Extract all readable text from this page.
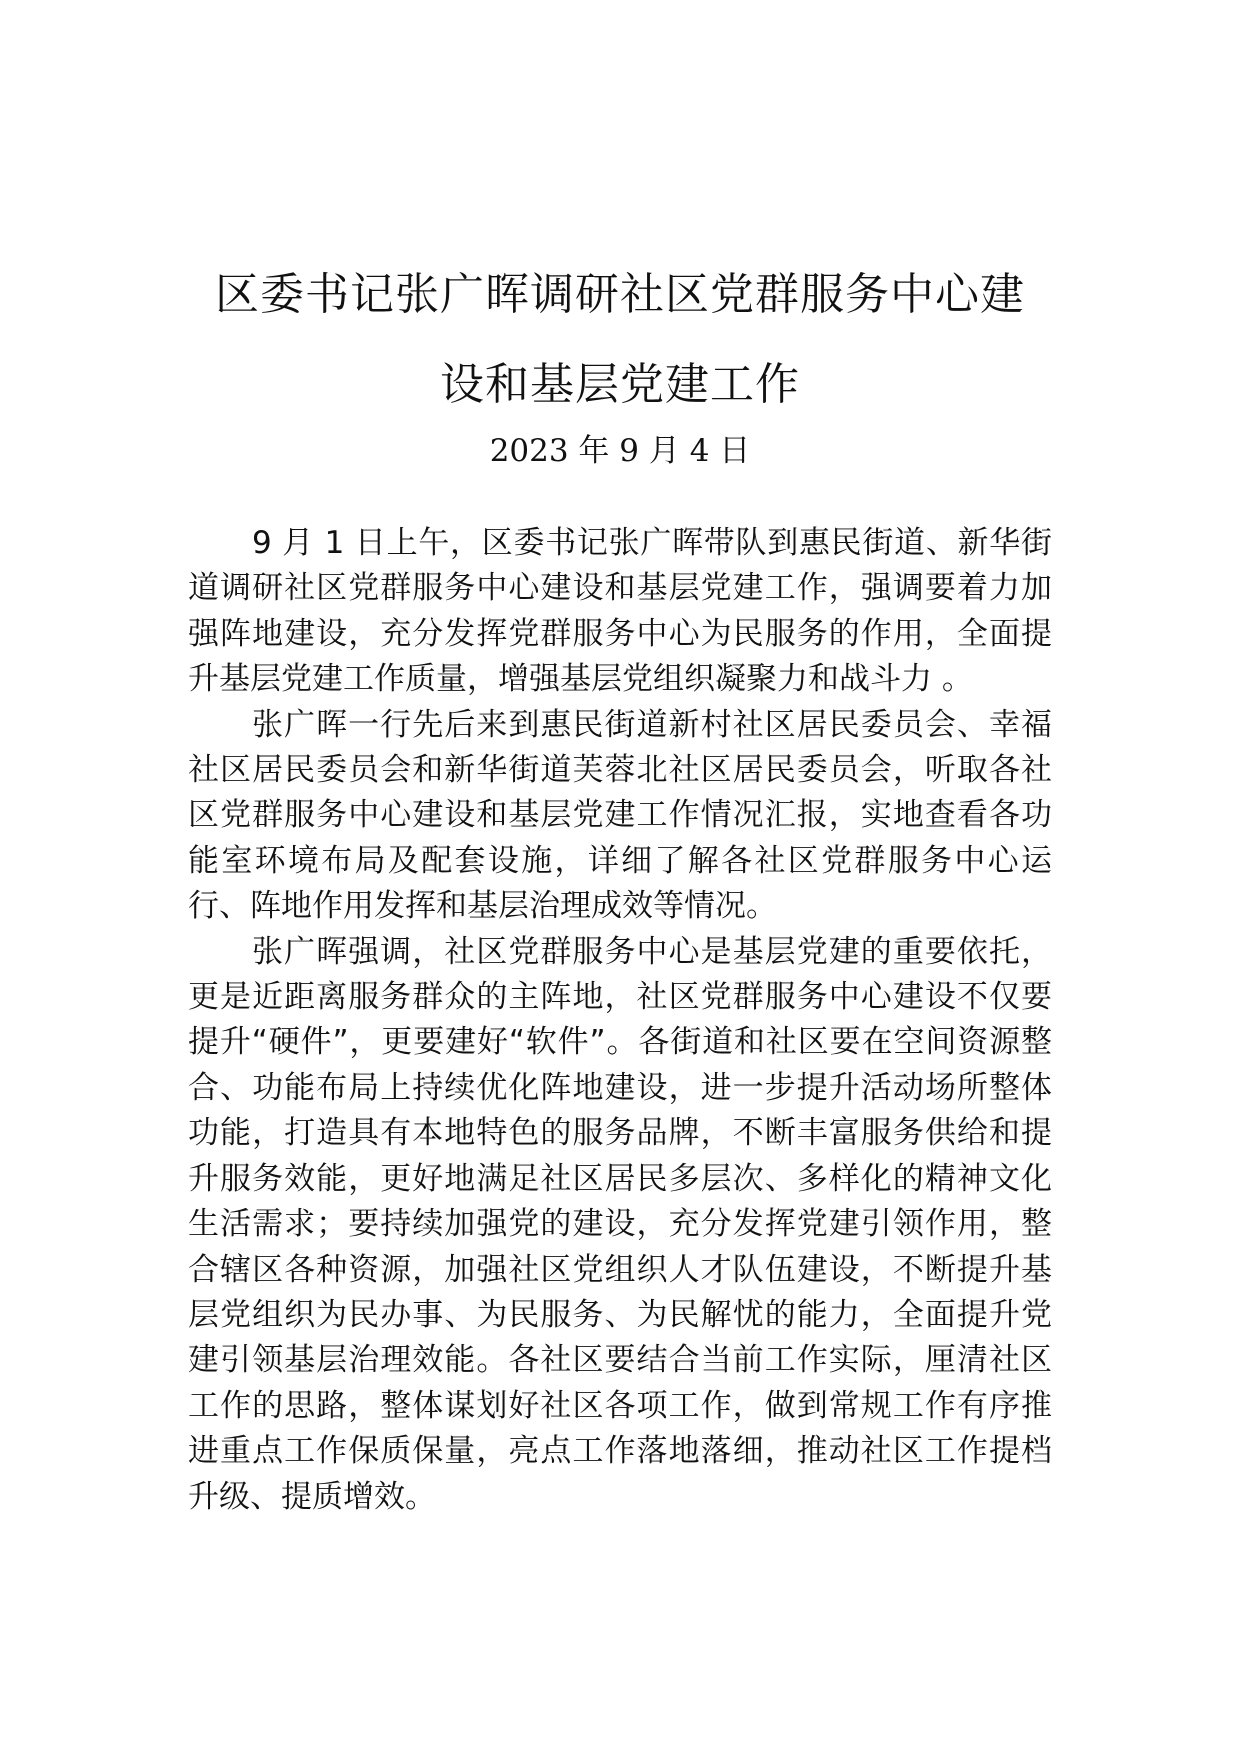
区委书记张广晖调研社区党群服务中心建
设和基层党建工作
2023 年 9 月 4 日

9 月 1 日上午，区委书记张广晖带队到惠民街道、新华街道调研社区党群服务中心建设和基层党建工作，强调要着力加强阵地建设，充分发挥党群服务中心为民服务的作用，全面提升基层党建工作质量，增强基层党组织凝聚力和战斗力 。

张广晖一行先后来到惠民街道新村社区居民委员会、幸福社区居民委员会和新华街道芙蓉北社区居民委员会，听取各社区党群服务中心建设和基层党建工作情况汇报，实地查看各功能室环境布局及配套设施，详细了解各社区党群服务中心运行、阵地作用发挥和基层治理成效等情况。

张广晖强调，社区党群服务中心是基层党建的重要依托，更是近距离服务群众的主阵地，社区党群服务中心建设不仅要提升“硬件”，更要建好“软件”。各街道和社区要在空间资源整合、功能布局上持续优化阵地建设，进一步提升活动场所整体功能，打造具有本地特色的服务品牌，不断丰富服务供给和提升服务效能，更好地满足社区居民多层次、多样化的精神文化生活需求；要持续加强党的建设，充分发挥党建引领作用，整合辖区各种资源，加强社区党组织人才队伍建设，不断提升基层党组织为民办事、为民服务、为民解忧的能力，全面提升党建引领基层治理效能。各社区要结合当前工作实际，厘清社区工作的思路，整体谋划好社区各项工作，做到常规工作有序推进重点工作保质保量，亮点工作落地落细，推动社区工作提档升级、提质增效。
